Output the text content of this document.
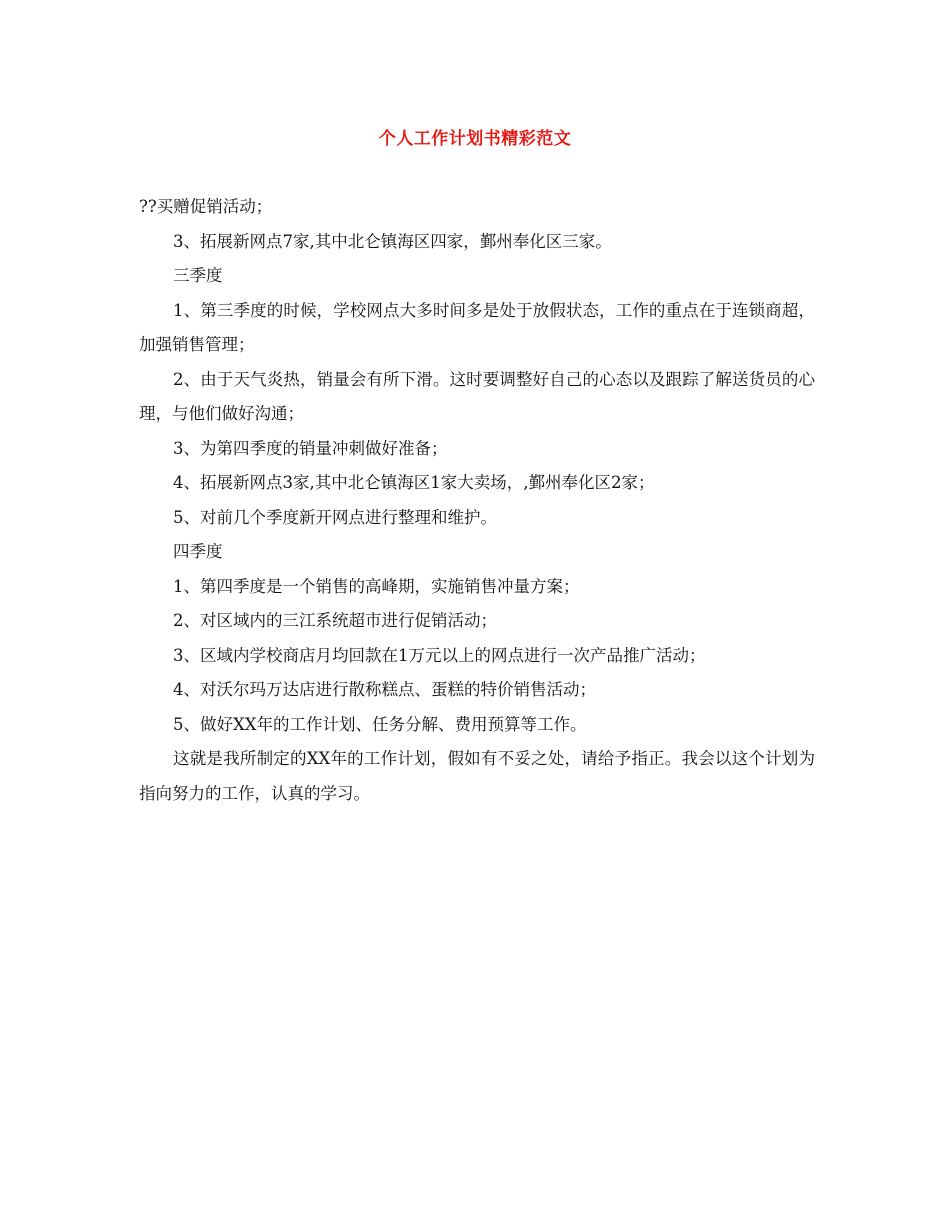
个人工作计划书精彩范文

??买赠促销活动；

3、拓展新网点7家,其中北仑镇海区四家，鄞州奉化区三家。

三季度

1、第三季度的时候，学校网点大多时间多是处于放假状态，工作的重点在于连锁商超，加强销售管理；

2、由于天气炎热，销量会有所下滑。这时要调整好自己的心态以及跟踪了解送货员的心理，与他们做好沟通；

3、为第四季度的销量冲刺做好准备；

4、拓展新网点3家,其中北仑镇海区1家大卖场，,鄞州奉化区2家；

5、对前几个季度新开网点进行整理和维护。

四季度

1、第四季度是一个销售的高峰期，实施销售冲量方案；

2、对区域内的三江系统超市进行促销活动；

3、区域内学校商店月均回款在1万元以上的网点进行一次产品推广活动；

4、对沃尔玛万达店进行散称糕点、蛋糕的特价销售活动；

5、做好XX年的工作计划、任务分解、费用预算等工作。

这就是我所制定的XX年的工作计划，假如有不妥之处，请给予指正。我会以这个计划为指向努力的工作，认真的学习。
